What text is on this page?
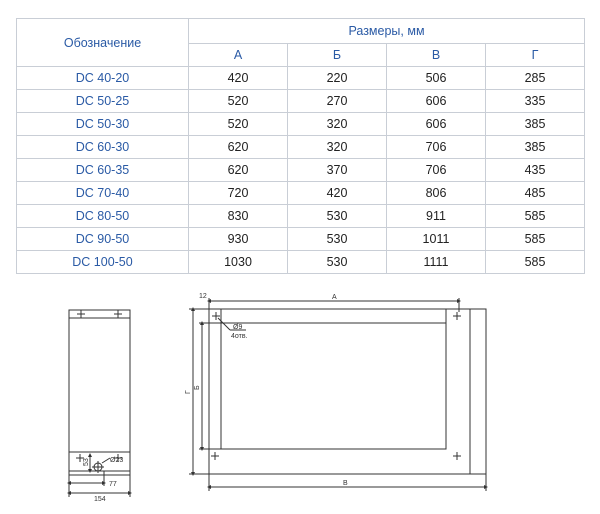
Обозначение	Размеры, мм			
	А	Б	В	Г
DC 40-20	420	220	506	285
DC 50-25	520	270	606	335
DC 50-30	520	320	606	385
DC 60-30	620	320	706	385
DC 60-35	620	370	706	435
DC 70-40	720	420	806	485
DC 80-50	830	530	911	585
DC 90-50	930	530	1011	585
DC 100-50	1030	530	1111	585
77
154
53	Ø23
12	А
Г
Б
В
Ø9
4отв.
